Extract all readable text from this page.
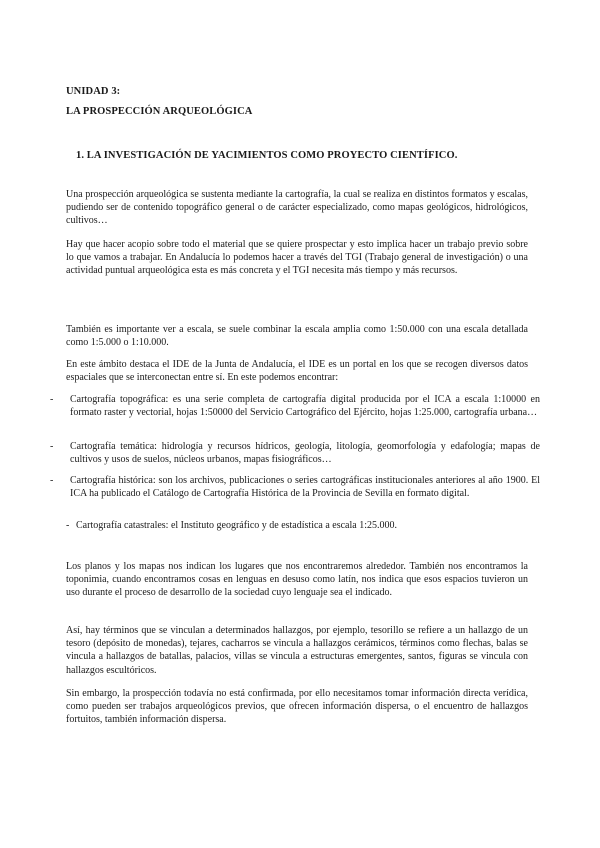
UNIDAD 3:
LA PROSPECCIÓN ARQUEOLÓGICA
1. LA INVESTIGACIÓN DE YACIMIENTOS COMO PROYECTO CIENTÍFICO.

Una prospección arqueológica se sustenta mediante la cartografía, la cual se realiza en distintos formatos y escalas, pudiendo ser de contenido topográfico general o de carácter especializado, como mapas geológicos, hidrológicos, cultivos…

Hay que hacer acopio sobre todo el material que se quiere prospectar y esto implica hacer un trabajo previo sobre lo que vamos a trabajar. En Andalucía lo podemos hacer a través del TGI (Trabajo general de investigación) o una actividad puntual arqueológica esta es más concreta y el TGI necesita más tiempo y más recursos.

También es importante ver a escala, se suele combinar la escala amplia como 1:50.000 con una escala detallada como 1:5.000 o 1:10.000.

En este ámbito destaca el IDE de la Junta de Andalucía, el IDE es un portal en los que se recogen diversos datos espaciales que se interconectan entre sí. En este podemos encontrar:

- Cartografía topográfica: es una serie completa de cartografía digital producida por el ICA a escala 1:10000 en formato raster y vectorial, hojas 1:50000 del Servicio Cartográfico del Ejército, hojas 1:25.000, cartografía urbana…
- Cartografía temática: hidrología y recursos hídricos, geología, litología, geomorfología y edafología; mapas de cultivos y usos de suelos, núcleos urbanos, mapas fisiográficos…
- Cartografía histórica: son los archivos, publicaciones o series cartográficas institucionales anteriores al año 1900. El ICA ha publicado el Catálogo de Cartografía Histórica de la Provincia de Sevilla en formato digital.
- Cartografía catastrales: el Instituto geográfico y de estadística a escala 1:25.000.

Los planos y los mapas nos indican los lugares que nos encontraremos alrededor. También nos encontramos la toponimia, cuando encontramos cosas en lenguas en desuso como latín, nos indica que esos espacios tuvieron un uso durante el proceso de desarrollo de la sociedad cuyo lenguaje sea el indicado.

Así, hay términos que se vinculan a determinados hallazgos, por ejemplo, tesorillo se refiere a un hallazgo de un tesoro (depósito de monedas), tejares, cacharros se vincula a hallazgos cerámicos, términos como flechas, balas se vincula a hallazgos de batallas, palacios, villas se vincula a estructuras emergentes, santos, figuras se vincula con hallazgos escultóricos.

Sin embargo, la prospección todavía no está confirmada, por ello necesitamos tomar información directa verídica, como pueden ser trabajos arqueológicos previos, que ofrecen información dispersa, o el encuentro de hallazgos fortuitos, también información dispersa.
